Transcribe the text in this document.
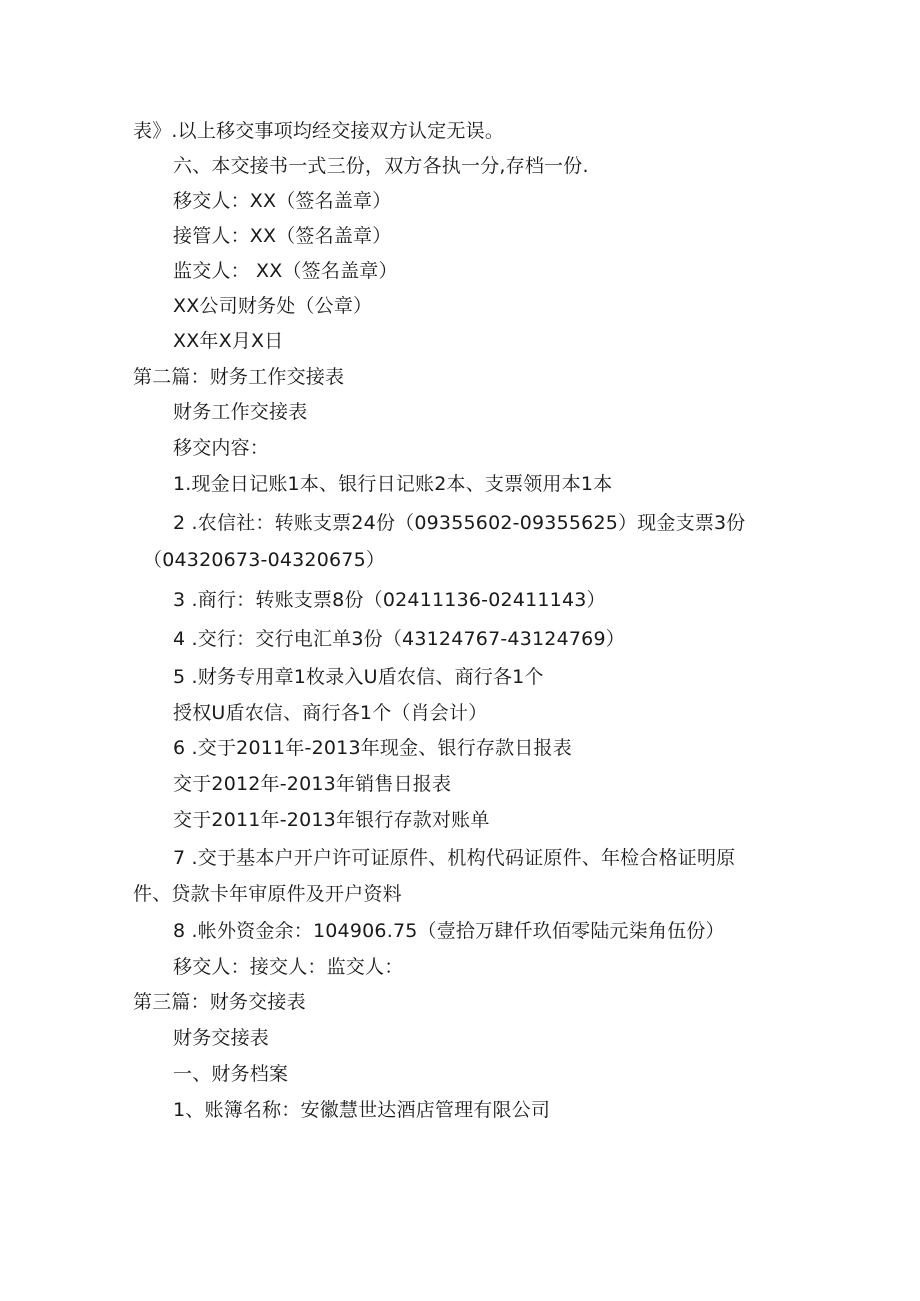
表》.以上移交事项均经交接双方认定无误。
六、本交接书一式三份，双方各执一分,存档一份.
移交人：XX（签名盖章）
接管人：XX（签名盖章）
监交人： XX（签名盖章）
XX公司财务处（公章）
XX年X月X日
第二篇：财务工作交接表
财务工作交接表
移交内容：
1.现金日记账1本、银行日记账2本、支票领用本1本
2 .农信社：转账支票24份（09355602-09355625）现金支票3份
（04320673-04320675）
3 .商行：转账支票8份（02411136-02411143）
4 .交行：交行电汇单3份（43124767-43124769）
5 .财务专用章1枚录入U盾农信、商行各1个
授权U盾农信、商行各1个（肖会计）
6 .交于2011年-2013年现金、银行存款日报表
交于2012年-2013年销售日报表
交于2011年-2013年银行存款对账单
7 .交于基本户开户许可证原件、机构代码证原件、年检合格证明原
件、贷款卡年审原件及开户资料
8 .帐外资金余：104906.75（壹拾万肆仟玖佰零陆元柒角伍份）
移交人：接交人：监交人：
第三篇：财务交接表
财务交接表
一、财务档案
1、账簿名称：安徽慧世达酒店管理有限公司
